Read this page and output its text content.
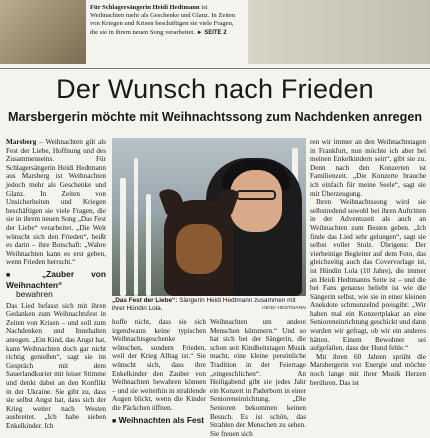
Für Schlagersängerin Heidi Hedtmann ist Weihnachten mehr als Geschenke und Glanz. In Zeiten von Kriegen und Krisen beschäftigen sie viele Fragen, die sie in ihrem neuen Song verarbeitet. ► SEITE 2
Der Wunsch nach Frieden
Marsbergerin möchte mit Weihnachtssong zum Nachdenken anregen

Marsberg – Weihnachten gilt als Fest der Liebe, Hoffnung und des Zusammenseins. Für Schlagersängerin Heidi Hedtmann aus Marsberg ist Weihnachten jedoch mehr als Geschenke und Glanz. In Zeiten von Unsicherheiten und Kriegen beschäftigen sie viele Fragen, die sie in ihrem neuen Song „Das Fest der Liebe“ verarbeitet. „Die Welt wünscht sich den Frieden“, heißt es darin – ihre Botschaft: „Wahre Weihnachten kann es erst geben, wenn Frieden herrscht.“

■ „Zauber von Weihnachten“
bewahren

Das Lied befasst sich mit ihren Gedanken zum Weihnachtsfest in Zeiten von Krisen – und soll zum Nachdenken und Innehalten anregen. „Ein Kind, das Angst hat, kann Weihnachten doch gar nicht richtig genießen“, sagt sie im Gespräch mit dem Sauerlandkurier mit leiser Stimme und denkt dabei an den Konflikt in der Ukraine. Sie gibt zu, dass sie selbst Angst hat, dass sich der Krieg weiter nach Westen ausbreitet. „Ich habe sieben Enkelkinder. Ich

„Das Fest der Liebe“: Sängerin Heidi Hedtmann zusammen mit ihrer Hündin Lola.	HEIDI HEDTMANN

hoffe nicht, dass sie sich irgendwann keine typischen Weihnachtsgeschenke wünschen, sondern Frieden, weil der Krieg Alltag ist.“ Sie wünscht sich, dass ihre Enkelkinder den Zauber von Weihnachten bewahren können – und sie weiterhin in strahlende Augen blickt, wenn die Kinder die Päckchen öffnen.

■ Weihnachten als Fest

Weihnachten um andere Menschen kümmern.“ Und so hat sich bei der Sängerin, die schon seit Kindheitstagen Musik macht, eine kleine persönliche Tradition in der Feiertage „eingeschlichen“. An Heiligabend gibt sie jedes Jahr ein Konzert in Paderborn in einer Senioreneinrichtung. „Die Senioren bekommen keinen Besuch. Es ist schön, das Strahlen der Menschen zu sehen. Sie freuen sich

ren wir immer an den Weihnachtstagen in Frankfurt, nun möchte ich aber bei meinen Enkelkindern sein“, gibt sie zu. Denn nach den Konzerten ist Familienzeit. „Die Konzerte brauche ich einfach für meine Seele“, sagt sie mit Überzeugung.

Ihren Weihnachtssong wird sie selbstredend sowohl bei ihren Auftritten in der Adventszeit als auch an Weihnachten zum Besten geben. „Ich finde das Lied sehr gelungen“, sagt sie selbst voller Stolz. Übrigens: Der vierbeinige Begleiter auf dem Foto, das gleichzeitig auch das Covervorlage ist, ist Hündin Lola (10 Jahre), die immer an Heidi Hedtmanns Seite ist – und die bei Fans genauso beliebt ist wie die Sängerin selbst, wie sie in einer kleinen Anekdote schmunzelnd preisgibt: „Wir haben mal ein Konzertplakat an eine Senioreneinrichtung geschickt und dann wurden wir gefragt, ob wir ein anderes hätten. Einem Bewohner sei aufgefallen, dass der Hund fehle.“

Mit ihren 60 Jahren sprüht die Marsbergerin vor Energie und möchte noch lange mit ihrer Musik Herzen berühren. Das ist
